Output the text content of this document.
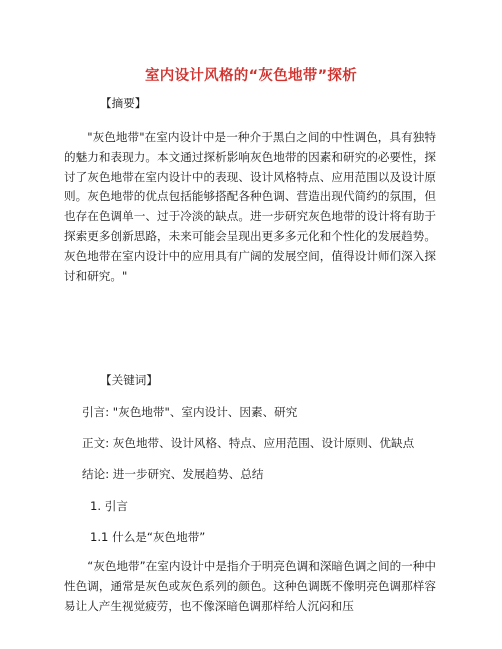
室内设计风格的“灰色地带”探析
【摘要】
"灰色地带"在室内设计中是一种介于黑白之间的中性调色，具有独特的魅力和表现力。本文通过探析影响灰色地带的因素和研究的必要性，探讨了灰色地带在室内设计中的表现、设计风格特点、应用范围以及设计原则。灰色地带的优点包括能够搭配各种色调、营造出现代简约的氛围，但也存在色调单一、过于冷淡的缺点。进一步研究灰色地带的设计将有助于探索更多创新思路，未来可能会呈现出更多多元化和个性化的发展趋势。灰色地带在室内设计中的应用具有广阔的发展空间，值得设计师们深入探讨和研究。"
【关键词】
引言: "灰色地带"、室内设计、因素、研究
正文: 灰色地带、设计风格、特点、应用范围、设计原则、优缺点
结论: 进一步研究、发展趋势、总结
1. 引言
1.1 什么是“灰色地带”
“灰色地带”在室内设计中是指介于明亮色调和深暗色调之间的一种中性色调，通常是灰色或灰色系列的颜色。这种色调既不像明亮色调那样容易让人产生视觉疲劳，也不像深暗色调那样给人沉闷和压
